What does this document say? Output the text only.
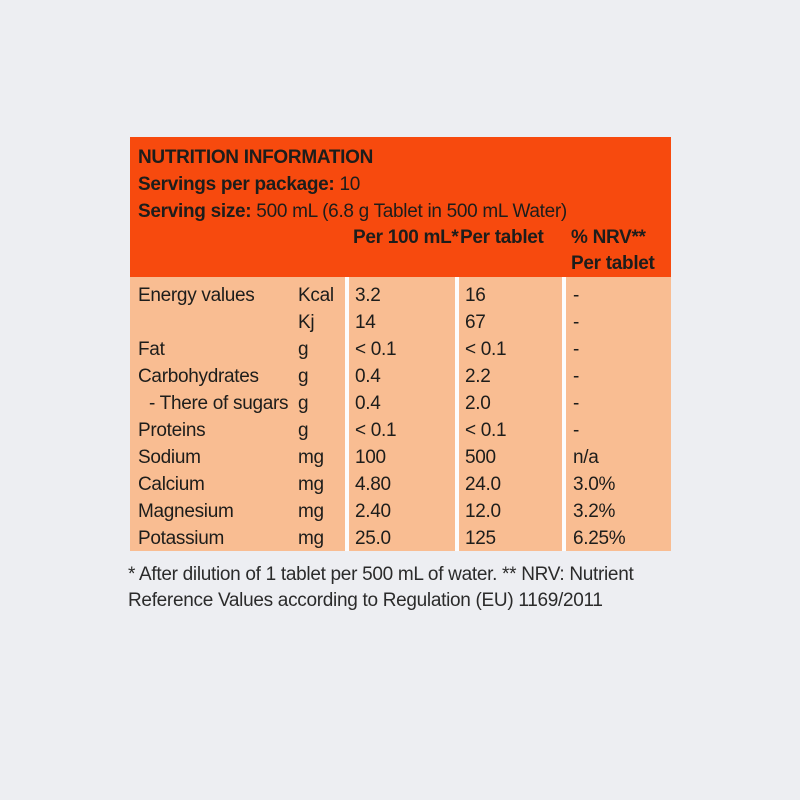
NUTRITION INFORMATION
Servings per package: 10
Serving size: 500 mL (6.8 g Tablet in 500 mL Water)
Per 100 mL* Per tablet % NRV**
Per tablet
Energy values	Kcal	3.2	16	-
Kj	14	67	-
Fat	g	< 0.1	< 0.1	-
Carbohydrates	g	0.4	2.2	-
- There of sugars g	0.4	2.0	-
Proteins	g	< 0.1	< 0.1	-
Sodium	mg	100	500	n/a
Calcium	mg	4.80	24.0	3.0%
Magnesium	mg	2.40	12.0	3.2%
Potassium	mg	25.0	125	6.25%
* After dilution of 1 tablet per 500 mL of water. ** NRV: Nutrient
Reference Values according to Regulation (EU) 1169/2011
